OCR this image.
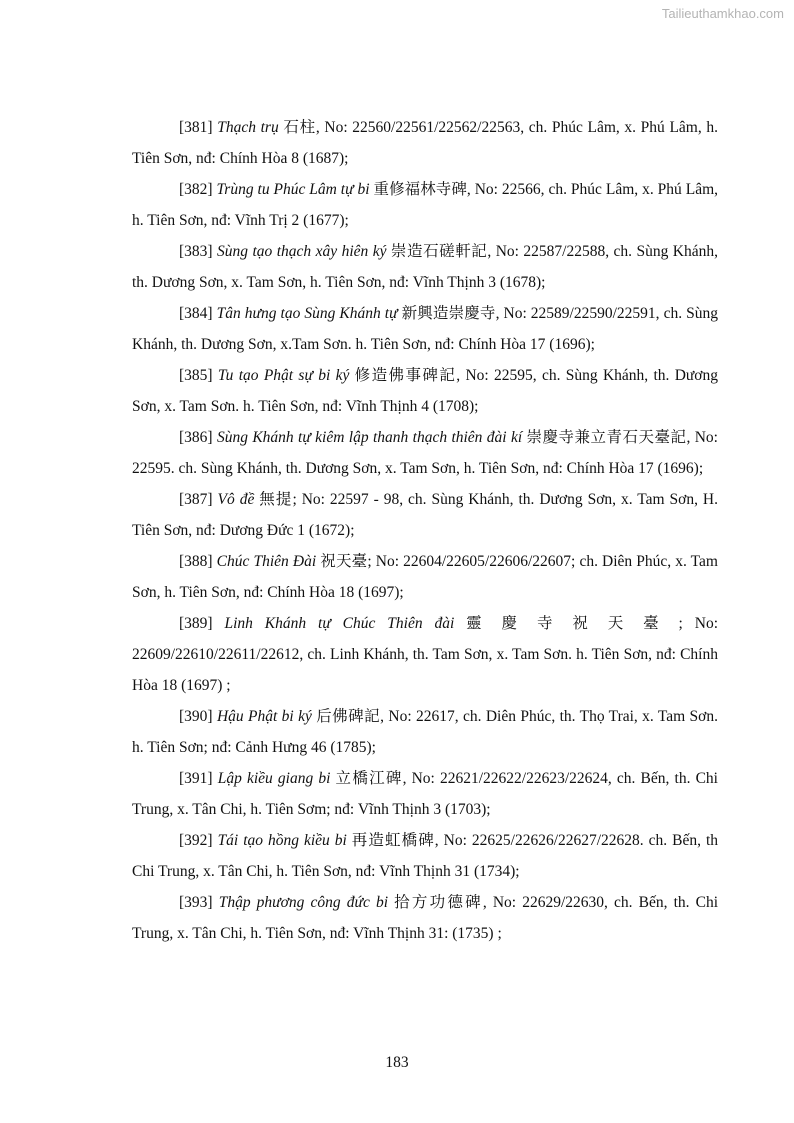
Tailieuthamkhao.com

[381] Thạch trụ 石柱, No: 22560/22561/22562/22563, ch. Phúc Lâm, x. Phú Lâm, h. Tiên Sơn, nđ: Chính Hòa 8 (1687);

[382] Trùng tu Phúc Lâm tự bi 重修福林寺碑, No: 22566, ch. Phúc Lâm, x. Phú Lâm, h. Tiên Sơn, nđ: Vĩnh Trị 2 (1677);

[383] Sùng tạo thạch xây hiên ký 崇造石磋軒記, No: 22587/22588, ch. Sùng Khánh, th. Dương Sơn, x. Tam Sơn, h. Tiên Sơn, nđ: Vĩnh Thịnh 3 (1678);

[384] Tân hưng tạo Sùng Khánh tự 新興造崇慶寺, No: 22589/22590/22591, ch. Sùng Khánh, th. Dương Sơn, x.Tam Sơn. h. Tiên Sơn, nđ: Chính Hòa 17 (1696);

[385] Tu tạo Phật sự bi ký 修造佛事碑記, No: 22595, ch. Sùng Khánh, th. Dương Sơn, x. Tam Sơn. h. Tiên Sơn, nđ: Vĩnh Thịnh 4 (1708);

[386] Sùng Khánh tự kiêm lập thanh thạch thiên đài kí 崇慶寺兼立青石天臺記, No: 22595. ch. Sùng Khánh, th. Dương Sơn, x. Tam Sơn, h. Tiên Sơn, nđ: Chính Hòa 17 (1696);

[387] Vô đề 無提; No: 22597 - 98, ch. Sùng Khánh, th. Dương Sơn, x. Tam Sơn, H. Tiên Sơn, nđ: Dương Đức 1 (1672);

[388] Chúc Thiên Đài 祝天臺; No: 22604/22605/22606/22607; ch. Diên Phúc, x. Tam Sơn, h. Tiên Sơn, nđ: Chính Hòa 18 (1697);

[389] Linh Khánh tự Chúc Thiên đài 靈 慶 寺 祝 天 臺 ; No: 22609/22610/22611/22612, ch. Linh Khánh, th. Tam Sơn, x. Tam Sơn. h. Tiên Sơn, nđ: Chính Hòa 18 (1697) ;

[390] Hậu Phật bi ký 后佛碑記, No: 22617, ch. Diên Phúc, th. Thọ Trai, x. Tam Sơn. h. Tiên Sơn; nđ: Cảnh Hưng 46 (1785);

[391] Lập kiều giang bi 立橋江碑, No: 22621/22622/22623/22624, ch. Bến, th. Chi Trung, x. Tân Chi, h. Tiên Sơm; nđ: Vĩnh Thịnh 3 (1703);

[392] Tái tạo hồng kiều bi 再造虹橋碑, No: 22625/22626/22627/22628. ch. Bến, th Chi Trung, x. Tân Chi, h. Tiên Sơn, nđ: Vĩnh Thịnh 31 (1734);

[393] Thập phương công đức bi 拾方功德碑, No: 22629/22630, ch. Bến, th. Chi Trung, x. Tân Chi, h. Tiên Sơn, nđ: Vĩnh Thịnh 31: (1735) ;

183
